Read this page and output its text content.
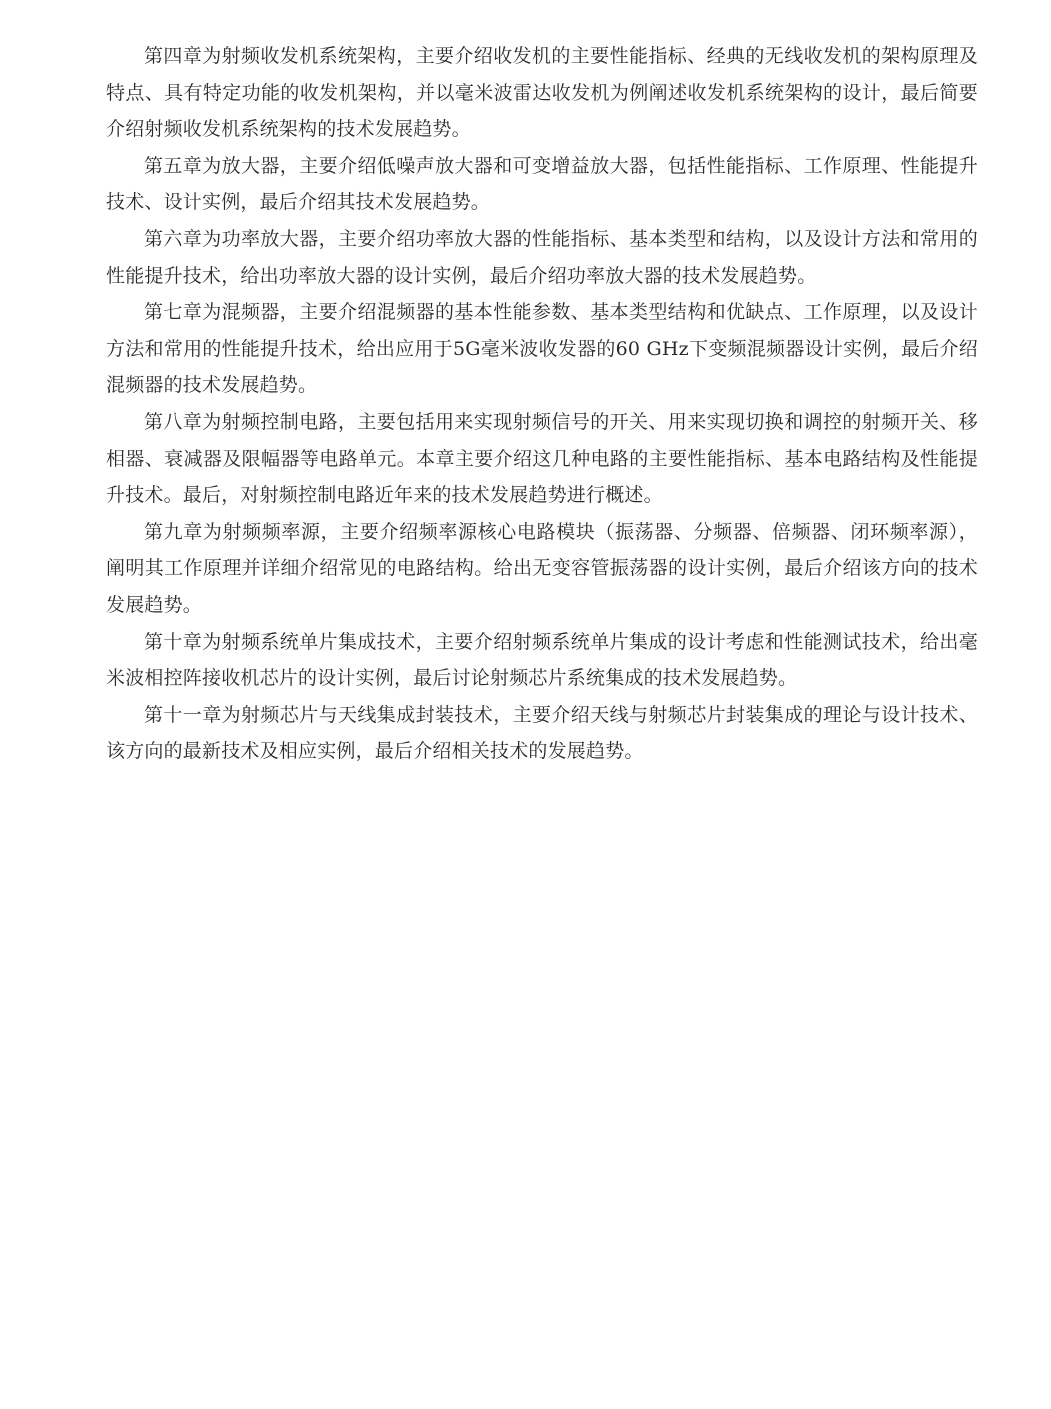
第四章为射频收发机系统架构，主要介绍收发机的主要性能指标、经典的无线收发机的架构原理及特点、具有特定功能的收发机架构，并以毫米波雷达收发机为例阐述收发机系统架构的设计，最后简要介绍射频收发机系统架构的技术发展趋势。

第五章为放大器，主要介绍低噪声放大器和可变增益放大器，包括性能指标、工作原理、性能提升技术、设计实例，最后介绍其技术发展趋势。

第六章为功率放大器，主要介绍功率放大器的性能指标、基本类型和结构，以及设计方法和常用的性能提升技术，给出功率放大器的设计实例，最后介绍功率放大器的技术发展趋势。

第七章为混频器，主要介绍混频器的基本性能参数、基本类型结构和优缺点、工作原理，以及设计方法和常用的性能提升技术，给出应用于5G毫米波收发器的60 GHz下变频混频器设计实例，最后介绍混频器的技术发展趋势。

第八章为射频控制电路，主要包括用来实现射频信号的开关、用来实现切换和调控的射频开关、移相器、衰减器及限幅器等电路单元。本章主要介绍这几种电路的主要性能指标、基本电路结构及性能提升技术。最后，对射频控制电路近年来的技术发展趋势进行概述。

第九章为射频频率源，主要介绍频率源核心电路模块（振荡器、分频器、倍频器、闭环频率源），阐明其工作原理并详细介绍常见的电路结构。给出无变容管振荡器的设计实例，最后介绍该方向的技术发展趋势。

第十章为射频系统单片集成技术，主要介绍射频系统单片集成的设计考虑和性能测试技术，给出毫米波相控阵接收机芯片的设计实例，最后讨论射频芯片系统集成的技术发展趋势。

第十一章为射频芯片与天线集成封装技术，主要介绍天线与射频芯片封装集成的理论与设计技术、该方向的最新技术及相应实例，最后介绍相关技术的发展趋势。
